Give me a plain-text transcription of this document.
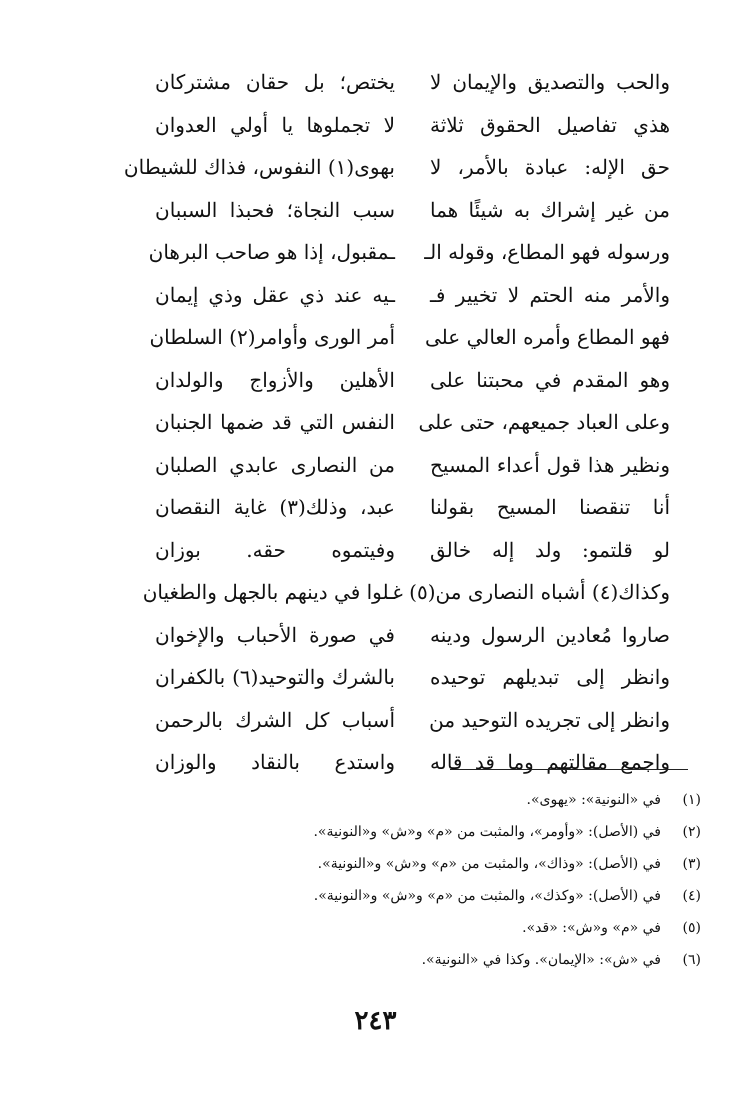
والحب والتصديق والإيمان لا
يختص؛ بل حقان مشتركان
هذي تفاصيل الحقوق ثلاثة
لا تجملوها يا أولي العدوان
حق الإله: عبادة بالأمر، لا
بهوى(١) النفوس، فذاك للشيطان
من غير إشراك به شيئًا هما
سبب النجاة؛ فحبذا السببان
ورسوله فهو المطاع، وقوله الـ
ـمقبول، إذا هو صاحب البرهان
والأمر منه الحتم لا تخيير فـ
ـيه عند ذي عقل وذي إيمان
فهو المطاع وأمره العالي على
أمر الورى وأوامر(٢) السلطان
وهو المقدم في محبتنا على
الأهلين والأزواج والولدان
وعلى العباد جميعهم، حتى على
النفس التي قد ضمها الجنبان
ونظير هذا قول أعداء المسيح
من النصارى عابدي الصلبان
أنا تنقصنا المسيح بقولنا
عبد، وذلك(٣) غاية النقصان
لو قلتمو: ولد إله خالق
وفيتموه حقه. بوزان
وكذاك(٤) أشباه النصارى من(٥) غـ
ـلوا في دينهم بالجهل والطغيان
صاروا مُعادين الرسول ودينه
في صورة الأحباب والإخوان
وانظر إلى تبديلهم توحيده
بالشرك والتوحيد(٦) بالكفران
وانظر إلى تجريده التوحيد من
أسباب كل الشرك بالرحمن
واجمع مقالتهم وما قد قاله
واستدع بالنقاد والوزان
(١)في «النونية»: «يهوى».
(٢)في (الأصل): «وأومر»، والمثبت من «م» و«ش» و«النونية».
(٣)في (الأصل): «وذاك»، والمثبت من «م» و«ش» و«النونية».
(٤)في (الأصل): «وكذك»، والمثبت من «م» و«ش» و«النونية».
(٥)في «م» و«ش»: «قد».
(٦)في «ش»: «الإيمان». وكذا في «النونية».
٢٤٣
